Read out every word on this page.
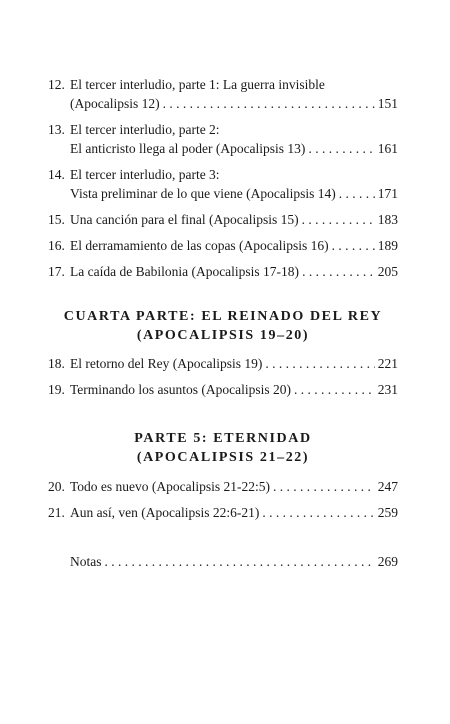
12. El tercer interludio, parte 1: La guerra invisible
(Apocalipsis 12) . . .	151
13. El tercer interludio, parte 2:
El anticristo llega al poder (Apocalipsis 13) . . .	161
14. El tercer interludio, parte 3:
Vista preliminar de lo que viene (Apocalipsis 14) . . .	171
15. Una canción para el final (Apocalipsis 15) . . .	183
16. El derramamiento de las copas (Apocalipsis 16) . . .	189
17. La caída de Babilonia (Apocalipsis 17-18) . . .	205
CUARTA PARTE: EL REINADO DEL REY
(APOCALIPSIS 19–20)
18. El retorno del Rey (Apocalipsis 19) . . .	221
19. Terminando los asuntos (Apocalipsis 20) . . .	231
PARTE 5: ETERNIDAD
(APOCALIPSIS 21–22)
20. Todo es nuevo (Apocalipsis 21-22:5) . . .	247
21. Aun así, ven (Apocalipsis 22:6-21) . . .	259
Notas . . .	269
